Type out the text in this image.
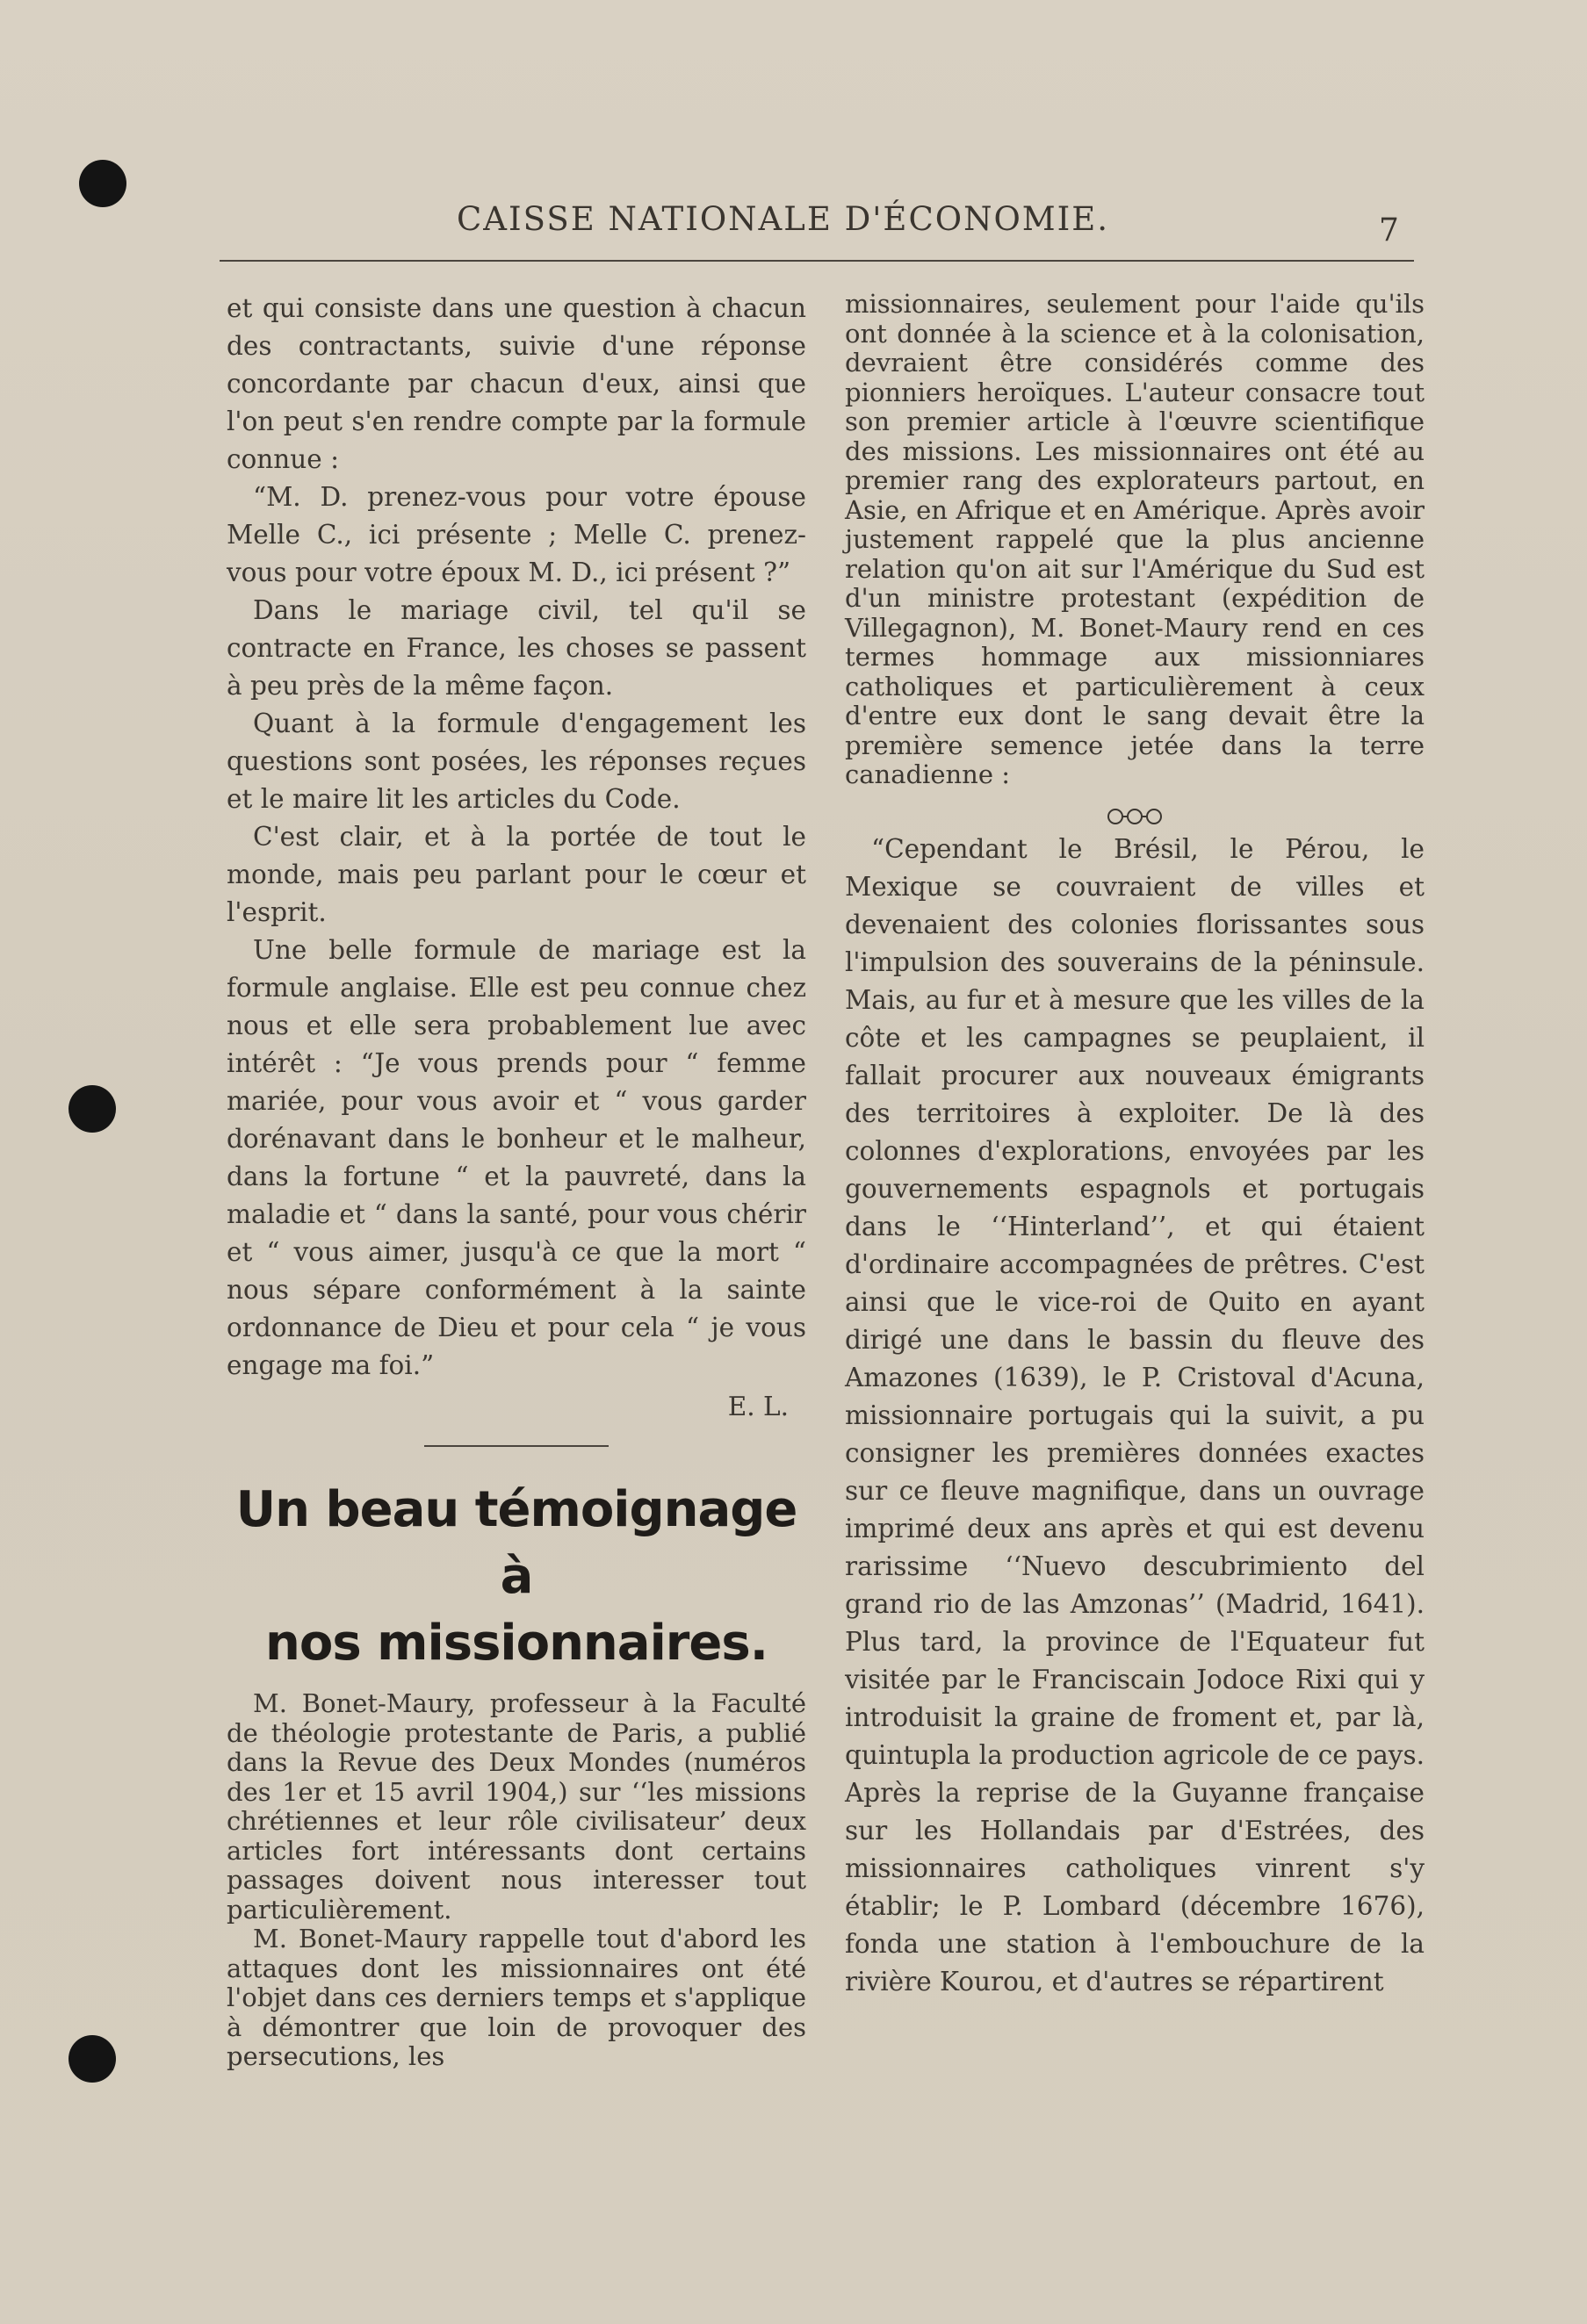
CAISSE NATIONALE D'ÉCONOMIE.	7

et qui consiste dans une question à chacun des contractants, suivie d'une réponse concordante par chacun d'eux, ainsi que l'on peut s'en rendre compte par la formule connue :

“M. D. prenez-vous pour votre épouse Melle C., ici présente ; Melle C. prenez-vous pour votre époux M. D., ici présent ?”

Dans le mariage civil, tel qu'il se contracte en France, les choses se passent à peu près de la même façon.

Quant à la formule d'engagement les questions sont posées, les réponses reçues et le maire lit les articles du Code.

C'est clair, et à la portée de tout le monde, mais peu parlant pour le cœur et l'esprit.

Une belle formule de mariage est la formule anglaise. Elle est peu connue chez nous et elle sera probablement lue avec intérêt : “Je vous prends pour “ femme mariée, pour vous avoir et “ vous garder dorénavant dans le bonheur et le malheur, dans la fortune “ et la pauvreté, dans la maladie et “ dans la santé, pour vous chérir et “ vous aimer, jusqu'à ce que la mort “ nous sépare conformément à la sainte ordonnance de Dieu et pour cela “ je vous engage ma foi.”

E. L.
Un beau témoignage à
nos missionnaires.

M. Bonet-Maury, professeur à la Faculté de théologie protestante de Paris, a publié dans la Revue des Deux Mondes (numéros des 1er et 15 avril 1904,) sur ‘‘les missions chrétiennes et leur rôle civilisateur’ deux articles fort intéressants dont certains passages doivent nous interesser tout particulièrement.

M. Bonet-Maury rappelle tout d'abord les attaques dont les missionnaires ont été l'objet dans ces derniers temps et s'applique à démontrer que loin de provoquer des persecutions, les

missionnaires, seulement pour l'aide qu'ils ont donnée à la science et à la colonisation, devraient être considérés comme des pionniers heroïques. L'auteur consacre tout son premier article à l'œuvre scientifique des missions. Les missionnaires ont été au premier rang des explorateurs partout, en Asie, en Afrique et en Amérique. Après avoir justement rappelé que la plus ancienne relation qu'on ait sur l'Amérique du Sud est d'un ministre protestant (expédition de Villegagnon), M. Bonet-Maury rend en ces termes hommage aux missionniares catholiques et particulièrement à ceux d'entre eux dont le sang devait être la première semence jetée dans la terre canadienne :

“Cependant le Brésil, le Pérou, le Mexique se couvraient de villes et devenaient des colonies florissantes sous l'impulsion des souverains de la péninsule. Mais, au fur et à mesure que les villes de la côte et les campagnes se peuplaient, il fallait procurer aux nouveaux émigrants des territoires à exploiter. De là des colonnes d'explorations, envoyées par les gouvernements espagnols et portugais dans le ‘‘Hinterland’’, et qui étaient d'ordinaire accompagnées de prêtres. C'est ainsi que le vice-roi de Quito en ayant dirigé une dans le bassin du fleuve des Amazones (1639), le P. Cristoval d'Acuna, missionnaire portugais qui la suivit, a pu consigner les premières données exactes sur ce fleuve magnifique, dans un ouvrage imprimé deux ans après et qui est devenu rarissime ‘‘Nuevo descubrimiento del grand rio de las Amzonas’’ (Madrid, 1641). Plus tard, la province de l'Equateur fut visitée par le Franciscain Jodoce Rixi qui y introduisit la graine de froment et, par là, quintupla la production agricole de ce pays. Après la reprise de la Guyanne française sur les Hollandais par d'Estrées, des missionnaires catholiques vinrent s'y établir; le P. Lombard (décembre 1676), fonda une station à l'embouchure de la rivière Kourou, et d'autres se répartirent
